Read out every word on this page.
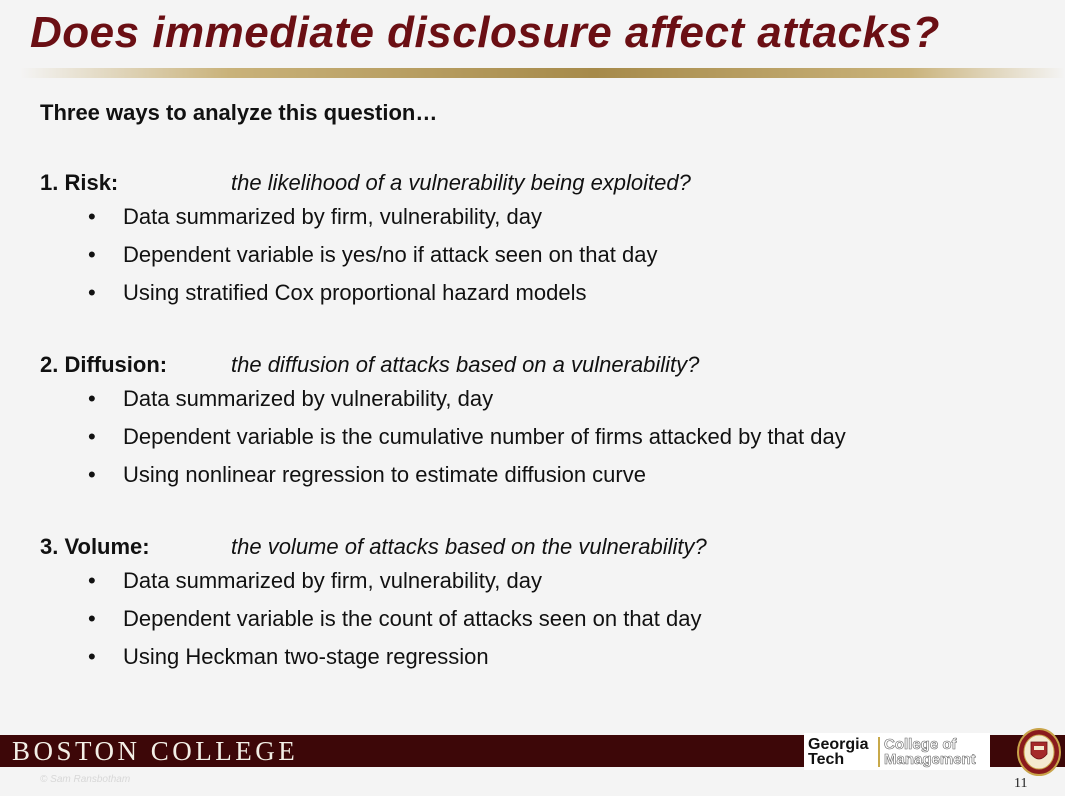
Does immediate disclosure affect attacks?

Three ways to analyze this question…

1. Risk:	the likelihood of a vulnerability being exploited?
• Data summarized by firm, vulnerability, day
• Dependent variable is yes/no if attack seen on that day
• Using stratified Cox proportional hazard models
2. Diffusion:	the diffusion of attacks based on a vulnerability?
• Data summarized by vulnerability, day
• Dependent variable is the cumulative number of firms attacked by that day
• Using nonlinear regression to estimate diffusion curve
3. Volume:	the volume of attacks based on the vulnerability?
• Data summarized by firm, vulnerability, day
• Dependent variable is the count of attacks seen on that day
• Using Heckman two-stage regression
BOSTON COLLEGE	Georgia
Tech
College of
Management
© Sam Ransbotham	11
